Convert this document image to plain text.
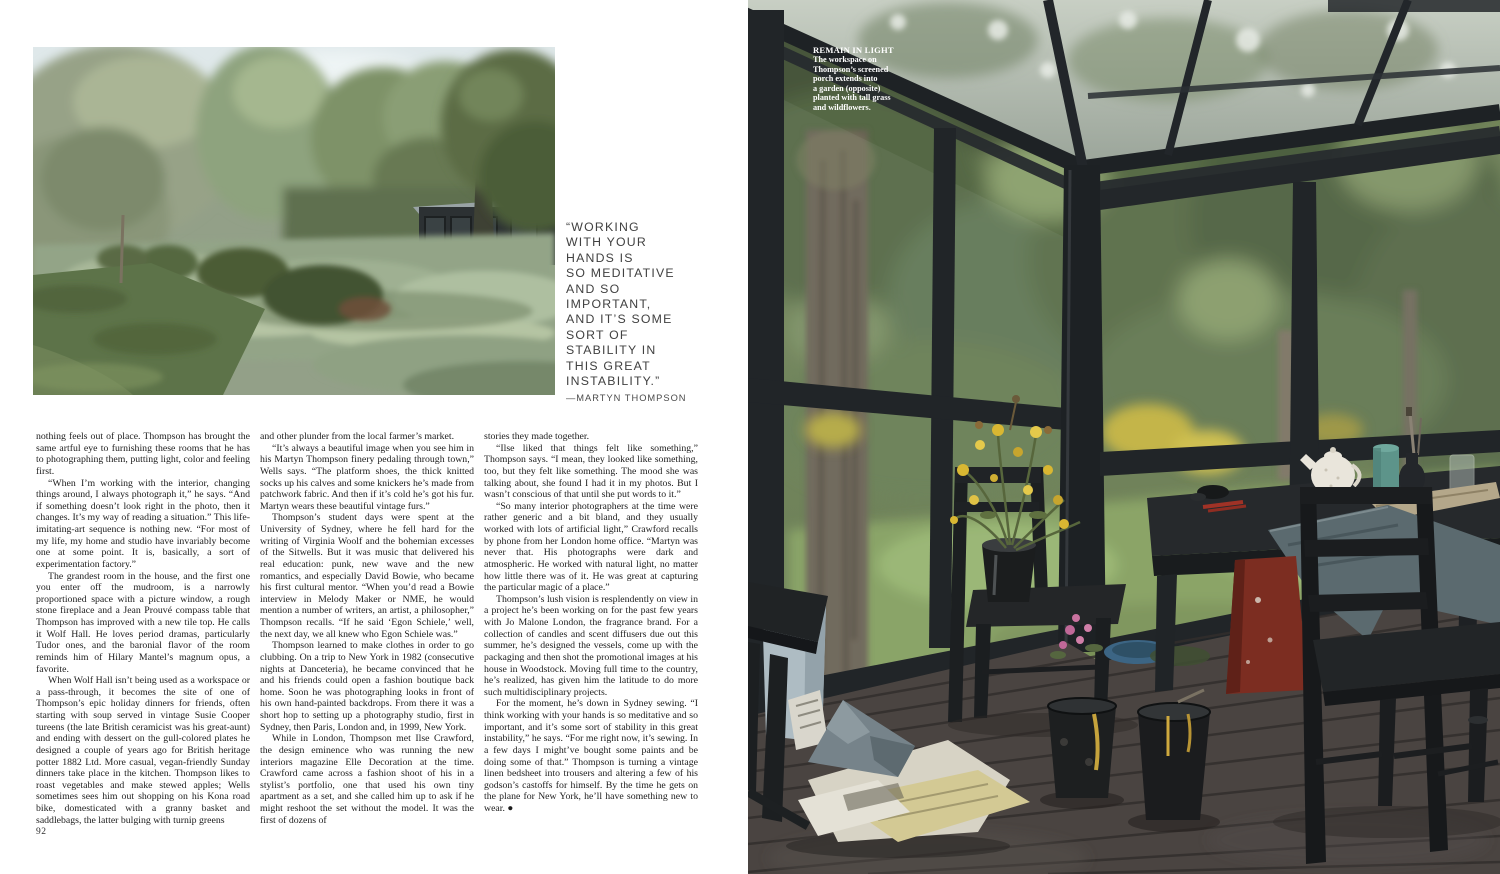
“WORKING
WITH YOUR
HANDS IS
SO MEDITATIVE
AND SO
IMPORTANT,
AND IT’S SOME
SORT OF
STABILITY IN
THIS GREAT
INSTABILITY.”
—MARTYN THOMPSON

nothing feels out of place. Thompson has brought the same artful eye to furnishing these rooms that he has to photographing them, putting light, color and feeling first.

“When I’m working with the interior, changing things around, I always photograph it,” he says. “And if something doesn’t look right in the photo, then it changes. It’s my way of reading a situation.” This life-imitating-art sequence is nothing new. “For most of my life, my home and studio have invariably become one at some point. It is, basically, a sort of experimentation factory.”

The grandest room in the house, and the first one you enter off the mudroom, is a narrowly proportioned space with a picture window, a rough stone fireplace and a Jean Prouvé compass table that Thompson has improved with a new tile top. He calls it Wolf Hall. He loves period dramas, particularly Tudor ones, and the baronial flavor of the room reminds him of Hilary Mantel’s magnum opus, a favorite.

When Wolf Hall isn’t being used as a workspace or a pass-through, it becomes the site of one of Thompson’s epic holiday dinners for friends, often starting with soup served in vintage Susie Cooper tureens (the late British ceramicist was his great-aunt) and ending with dessert on the gull-colored plates he designed a couple of years ago for British heritage potter 1882 Ltd. More casual, vegan-friendly Sunday dinners take place in the kitchen. Thompson likes to roast vegetables and make stewed apples; Wells sometimes sees him out shopping on his Kona road bike, domesticated with a granny basket and saddlebags, the latter bulging with turnip greens

and other plunder from the local farmer’s market.

“It’s always a beautiful image when you see him in his Martyn Thompson finery pedaling through town,” Wells says. “The platform shoes, the thick knitted socks up his calves and some knickers he’s made from patchwork fabric. And then if it’s cold he’s got his fur. Martyn wears these beautiful vintage furs.”

Thompson’s student days were spent at the University of Sydney, where he fell hard for the writing of Virginia Woolf and the bohemian excesses of the Sitwells. But it was music that delivered his real education: punk, new wave and the new romantics, and especially David Bowie, who became his first cultural mentor. “When you’d read a Bowie interview in Melody Maker or NME, he would mention a number of writers, an artist, a philosopher,” Thompson recalls. “If he said ‘Egon Schiele,’ well, the next day, we all knew who Egon Schiele was.”

Thompson learned to make clothes in order to go clubbing. On a trip to New York in 1982 (consecutive nights at Danceteria), he became convinced that he and his friends could open a fashion boutique back home. Soon he was photographing looks in front of his own hand-painted backdrops. From there it was a short hop to setting up a photography studio, first in Sydney, then Paris, London and, in 1999, New York.

While in London, Thompson met Ilse Crawford, the design eminence who was running the new interiors magazine Elle Decoration at the time. Crawford came across a fashion shoot of his in a stylist’s portfolio, one that used his own tiny apartment as a set, and she called him up to ask if he might reshoot the set without the model. It was the first of dozens of

stories they made together.

“Ilse liked that things felt like something,” Thompson says. “I mean, they looked like something, too, but they felt like something. The mood she was talking about, she found I had it in my photos. But I wasn’t conscious of that until she put words to it.”

“So many interior photographers at the time were rather generic and a bit bland, and they usually worked with lots of artificial light,” Crawford recalls by phone from her London home office. “Martyn was never that. His photographs were dark and atmospheric. He worked with natural light, no matter how little there was of it. He was great at capturing the particular magic of a place.”

Thompson’s lush vision is resplendently on view in a project he’s been working on for the past few years with Jo Malone London, the fragrance brand. For a collection of candles and scent diffusers due out this summer, he’s designed the vessels, come up with the packaging and then shot the promotional images at his house in Woodstock. Moving full time to the country, he’s realized, has given him the latitude to do more such multidisciplinary projects.

For the moment, he’s down in Sydney sewing. “I think working with your hands is so meditative and so important, and it’s some sort of stability in this great instability,” he says. “For me right now, it’s sewing. In a few days I might’ve bought some paints and be doing some of that.” Thompson is turning a vintage linen bedsheet into trousers and altering a few of his godson’s castoffs for himself. By the time he gets on the plane for New York, he’ll have something new to wear. ●

92
REMAIN IN LIGHT
The workspace on
Thompson’s screened
porch extends into
a garden (opposite)
planted with tall grass
and wildflowers.
